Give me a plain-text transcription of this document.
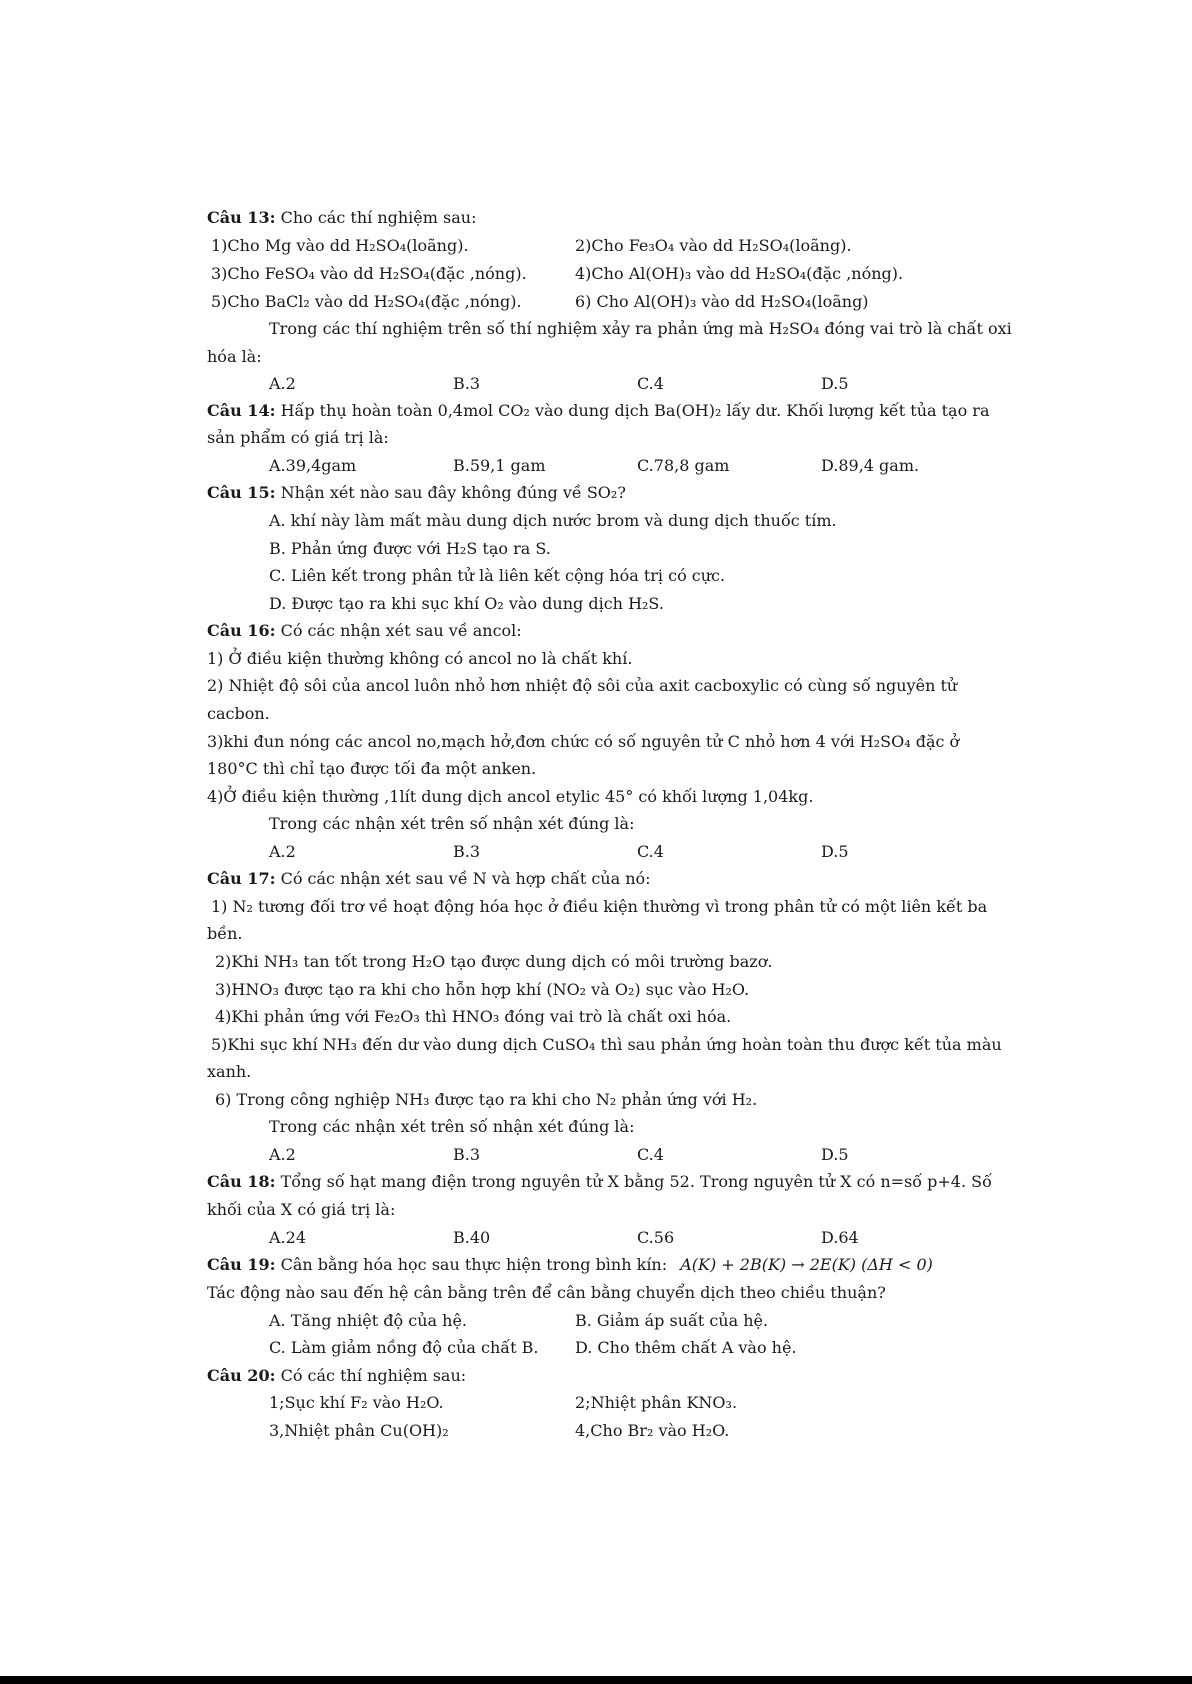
Câu 13: Cho các thí nghiệm sau:
1)Cho Mg vào dd H₂SO₄(loãng).	2)Cho Fe₃O₄ vào dd H₂SO₄(loãng).
3)Cho FeSO₄ vào dd H₂SO₄(đặc ,nóng).	4)Cho Al(OH)₃ vào dd H₂SO₄(đặc ,nóng).
5)Cho BaCl₂ vào dd H₂SO₄(đặc ,nóng).	6) Cho Al(OH)₃ vào dd H₂SO₄(loãng)
Trong các thí nghiệm trên số thí nghiệm xảy ra phản ứng mà H₂SO₄ đóng vai trò là chất oxi
hóa là:
A.2	B.3	C.4	D.5
Câu 14: Hấp thụ hoàn toàn 0,4mol CO₂ vào dung dịch Ba(OH)₂ lấy dư. Khối lượng kết tủa tạo ra
sản phẩm có giá trị là:
A.39,4gam	B.59,1 gam	C.78,8 gam	D.89,4 gam.
Câu 15: Nhận xét nào sau đây không đúng về SO₂?
A. khí này làm mất màu dung dịch nước brom và dung dịch thuốc tím.
B. Phản ứng được với H₂S tạo ra S.
C. Liên kết trong phân tử là liên kết cộng hóa trị có cực.
D. Được tạo ra khi sục khí O₂ vào dung dịch H₂S.
Câu 16: Có các nhận xét sau về ancol:
1) Ở điều kiện thường không có ancol no là chất khí.
2) Nhiệt độ sôi của ancol luôn nhỏ hơn nhiệt độ sôi của axit cacboxylic có cùng số nguyên tử
cacbon.
3)khi đun nóng các ancol no,mạch hở,đơn chức có số nguyên tử C nhỏ hơn 4 với H₂SO₄ đặc ở
180°C thì chỉ tạo được tối đa một anken.
4)Ở điều kiện thường ,1lít dung dịch ancol etylic 45° có khối lượng 1,04kg.
Trong các nhận xét trên số nhận xét đúng là:
A.2	B.3	C.4	D.5
Câu 17: Có các nhận xét sau về N và hợp chất của nó:
1) N₂ tương đối trơ về hoạt động hóa học ở điều kiện thường vì trong phân tử có một liên kết ba
bền.
2)Khi NH₃ tan tốt trong H₂O tạo được dung dịch có môi trường bazơ.
3)HNO₃ được tạo ra khi cho hỗn hợp khí (NO₂ và O₂) sục vào H₂O.
4)Khi phản ứng với Fe₂O₃ thì HNO₃ đóng vai trò là chất oxi hóa.
5)Khi sục khí NH₃ đến dư vào dung dịch CuSO₄ thì sau phản ứng hoàn toàn thu được kết tủa màu
xanh.
6) Trong công nghiệp NH₃ được tạo ra khi cho N₂ phản ứng với H₂.
Trong các nhận xét trên số nhận xét đúng là:
A.2	B.3	C.4	D.5
Câu 18: Tổng số hạt mang điện trong nguyên tử X bằng 52. Trong nguyên tử X có n=số p+4. Số
khối của X có giá trị là:
A.24	B.40	C.56	D.64
Câu 19: Cân bằng hóa học sau thực hiện trong bình kín: A(K) + 2B(K) → 2E(K) (ΔH < 0)
Tác động nào sau đến hệ cân bằng trên để cân bằng chuyển dịch theo chiều thuận?
A. Tăng nhiệt độ của hệ.	B. Giảm áp suất của hệ.
C. Làm giảm nồng độ của chất B. D. Cho thêm chất A vào hệ.
Câu 20: Có các thí nghiệm sau:
1;Sục khí F₂ vào H₂O.	2;Nhiệt phân KNO₃.
3,Nhiệt phân Cu(OH)₂	4,Cho Br₂ vào H₂O.
